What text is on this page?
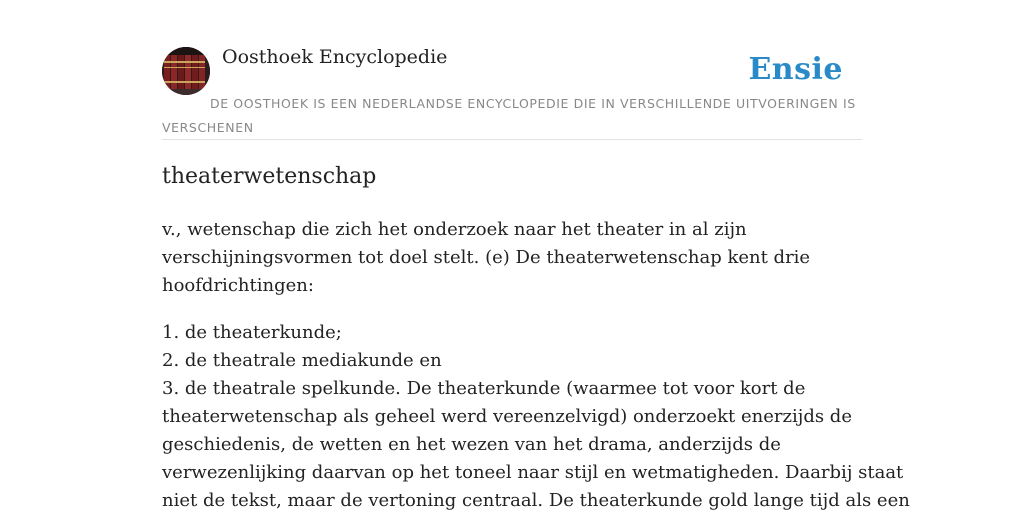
Oosthoek Encyclopedie	Ensie
DE OOSTHOEK IS EEN NEDERLANDSE ENCYCLOPEDIE DIE IN VERSCHILLENDE UITVOERINGEN IS VERSCHENEN
theaterwetenschap

v., wetenschap die zich het onderzoek naar het theater in al zijn
verschijningsvormen tot doel stelt. (e) De theaterwetenschap kent drie
hoofdrichtingen:

1. de theaterkunde;
2. de theatrale mediakunde en
3. de theatrale spelkunde. De theaterkunde (waarmee tot voor kort de
theaterwetenschap als geheel werd vereenzelvigd) onderzoekt enerzijds de
geschiedenis, de wetten en het wezen van het drama, anderzijds de
verwezenlijking daarvan op het toneel naar stijl en wetmatigheden. Daarbij staat
niet de tekst, maar de vertoning centraal. De theaterkunde gold lange tijd als een
